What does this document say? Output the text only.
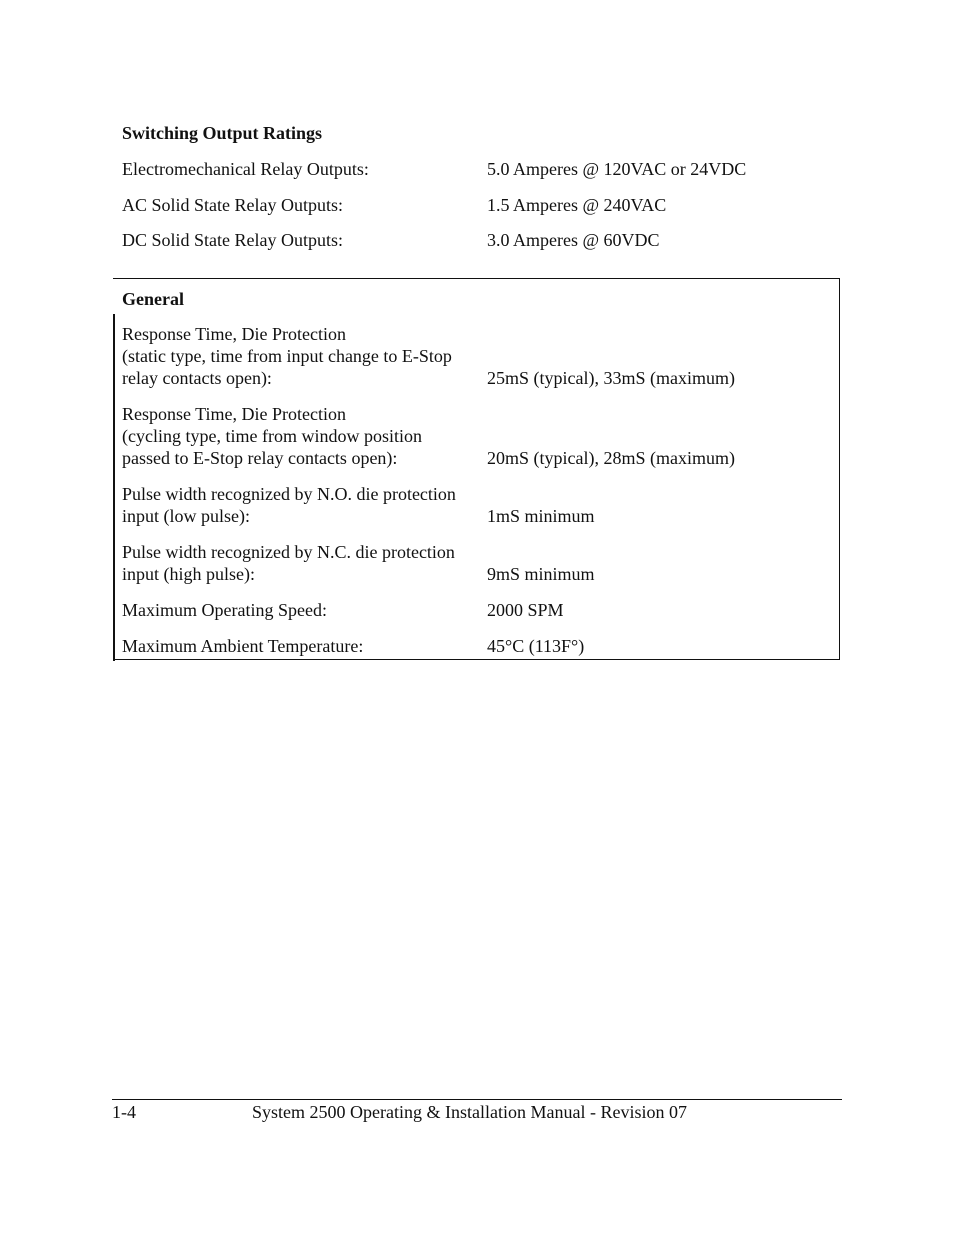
Switching Output Ratings
Electromechanical Relay Outputs:	5.0 Amperes @ 120VAC or 24VDC
AC Solid State Relay Outputs:	1.5 Amperes @ 240VAC
DC Solid State Relay Outputs:	3.0 Amperes @ 60VDC
General
Response Time, Die Protection
(static type, time from input change to E-Stop
relay contacts open):	25mS (typical), 33mS (maximum)
Response Time, Die Protection
(cycling type, time from window position
passed to E-Stop relay contacts open):	20mS (typical), 28mS (maximum)
Pulse width recognized by N.O. die protection
input (low pulse):	1mS minimum
Pulse width recognized by N.C. die protection
input (high pulse):	9mS minimum
Maximum Operating Speed:	2000 SPM
Maximum Ambient Temperature:	45°C (113F°)
1-4	System 2500 Operating & Installation Manual - Revision 07
